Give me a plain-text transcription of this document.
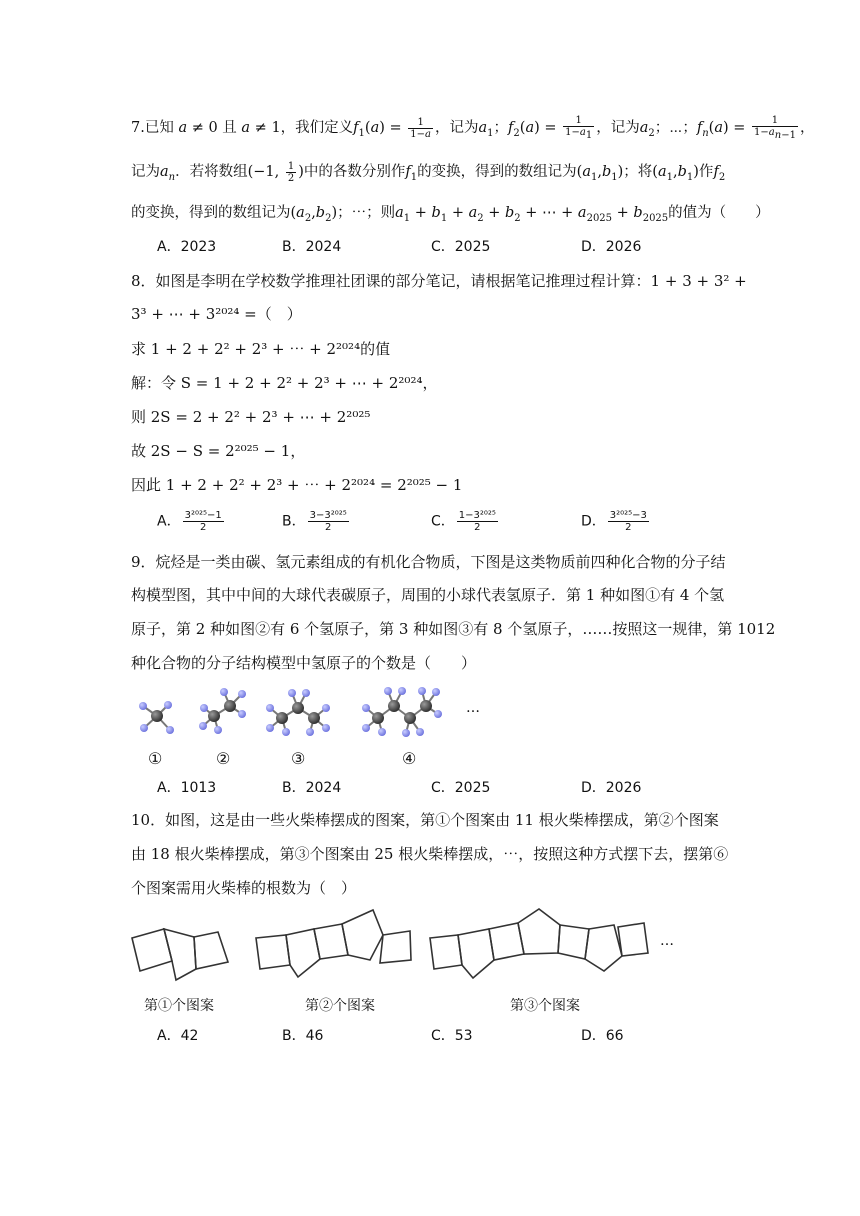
7.已知 a ≠ 0 且 a ≠ 1，我们定义$f_1(a) = \frac{1}{1-a}$ ，记为$a_1$；$f_2(a) = \frac{1}{1-a_1}$ ，记为$a_2$；⋯；$f_n(a) = \frac{1}{1-a_{n-1}}$ ，
记为$a_n$．若将数组(−1, $\frac{1}{2}$ )中的各数分别作$f_1$的变换，得到的数组记为$(a_1,b_1)$；将$(a_1,b_1)$作$f_2$
的变换，得到的数组记为$(a_2,b_2)$；⋯；则$a_1 + b_1 + a_2 + b_2$ + ⋯ + $a_{2025} + b_{2025}$的值为（　　）
A．2023	B．2024	C．2025	D．2026
8．如图是李明在学校数学推理社团课的部分笔记，请根据笔记推理过程计算：1 + 3 + 3² +
3³ + ⋯ + 3²⁰²⁴ =（　）
求 1 + 2 + 2² + 2³ + ⋯ + 2²⁰²⁴的值
解：令 S = 1 + 2 + 2² + 2³ + ⋯ + 2²⁰²⁴，
则 2S = 2 + 2² + 2³ + ⋯ + 2²⁰²⁵
故 2S − S = 2²⁰²⁵ − 1，
因此 1 + 2 + 2² + 2³ + ⋯ + 2²⁰²⁴ = 2²⁰²⁵ − 1
A． $\frac{\text{3²⁰²⁵−1}}{2}$	B． $\frac{\text{3−3²⁰²⁵}}{2}$	C． $\frac{\text{1−3²⁰²⁵}}{2}$	D． $\frac{\text{3²⁰²⁵−3}}{2}$
9．烷烃是一类由碳、氢元素组成的有机化合物质，下图是这类物质前四种化合物的分子结
构模型图，其中中间的大球代表碳原子，周围的小球代表氢原子．第 1 种如图①有 4 个氢
原子，第 2 种如图②有 6 个氢原子，第 3 种如图③有 8 个氢原子，……按照这一规律，第 1012
种化合物的分子结构模型中氢原子的个数是（　　）
…
①	②	③	④
A．1013	B．2024	C．2025	D．2026
10．如图，这是由一些火柴棒摆成的图案，第①个图案由 11 根火柴棒摆成，第②个图案
由 18 根火柴棒摆成，第③个图案由 25 根火柴棒摆成，⋯，按照这种方式摆下去，摆第⑥
个图案需用火柴棒的根数为（　）
…
第①个图案	第②个图案	第③个图案
A．42	B．46	C．53	D．66
